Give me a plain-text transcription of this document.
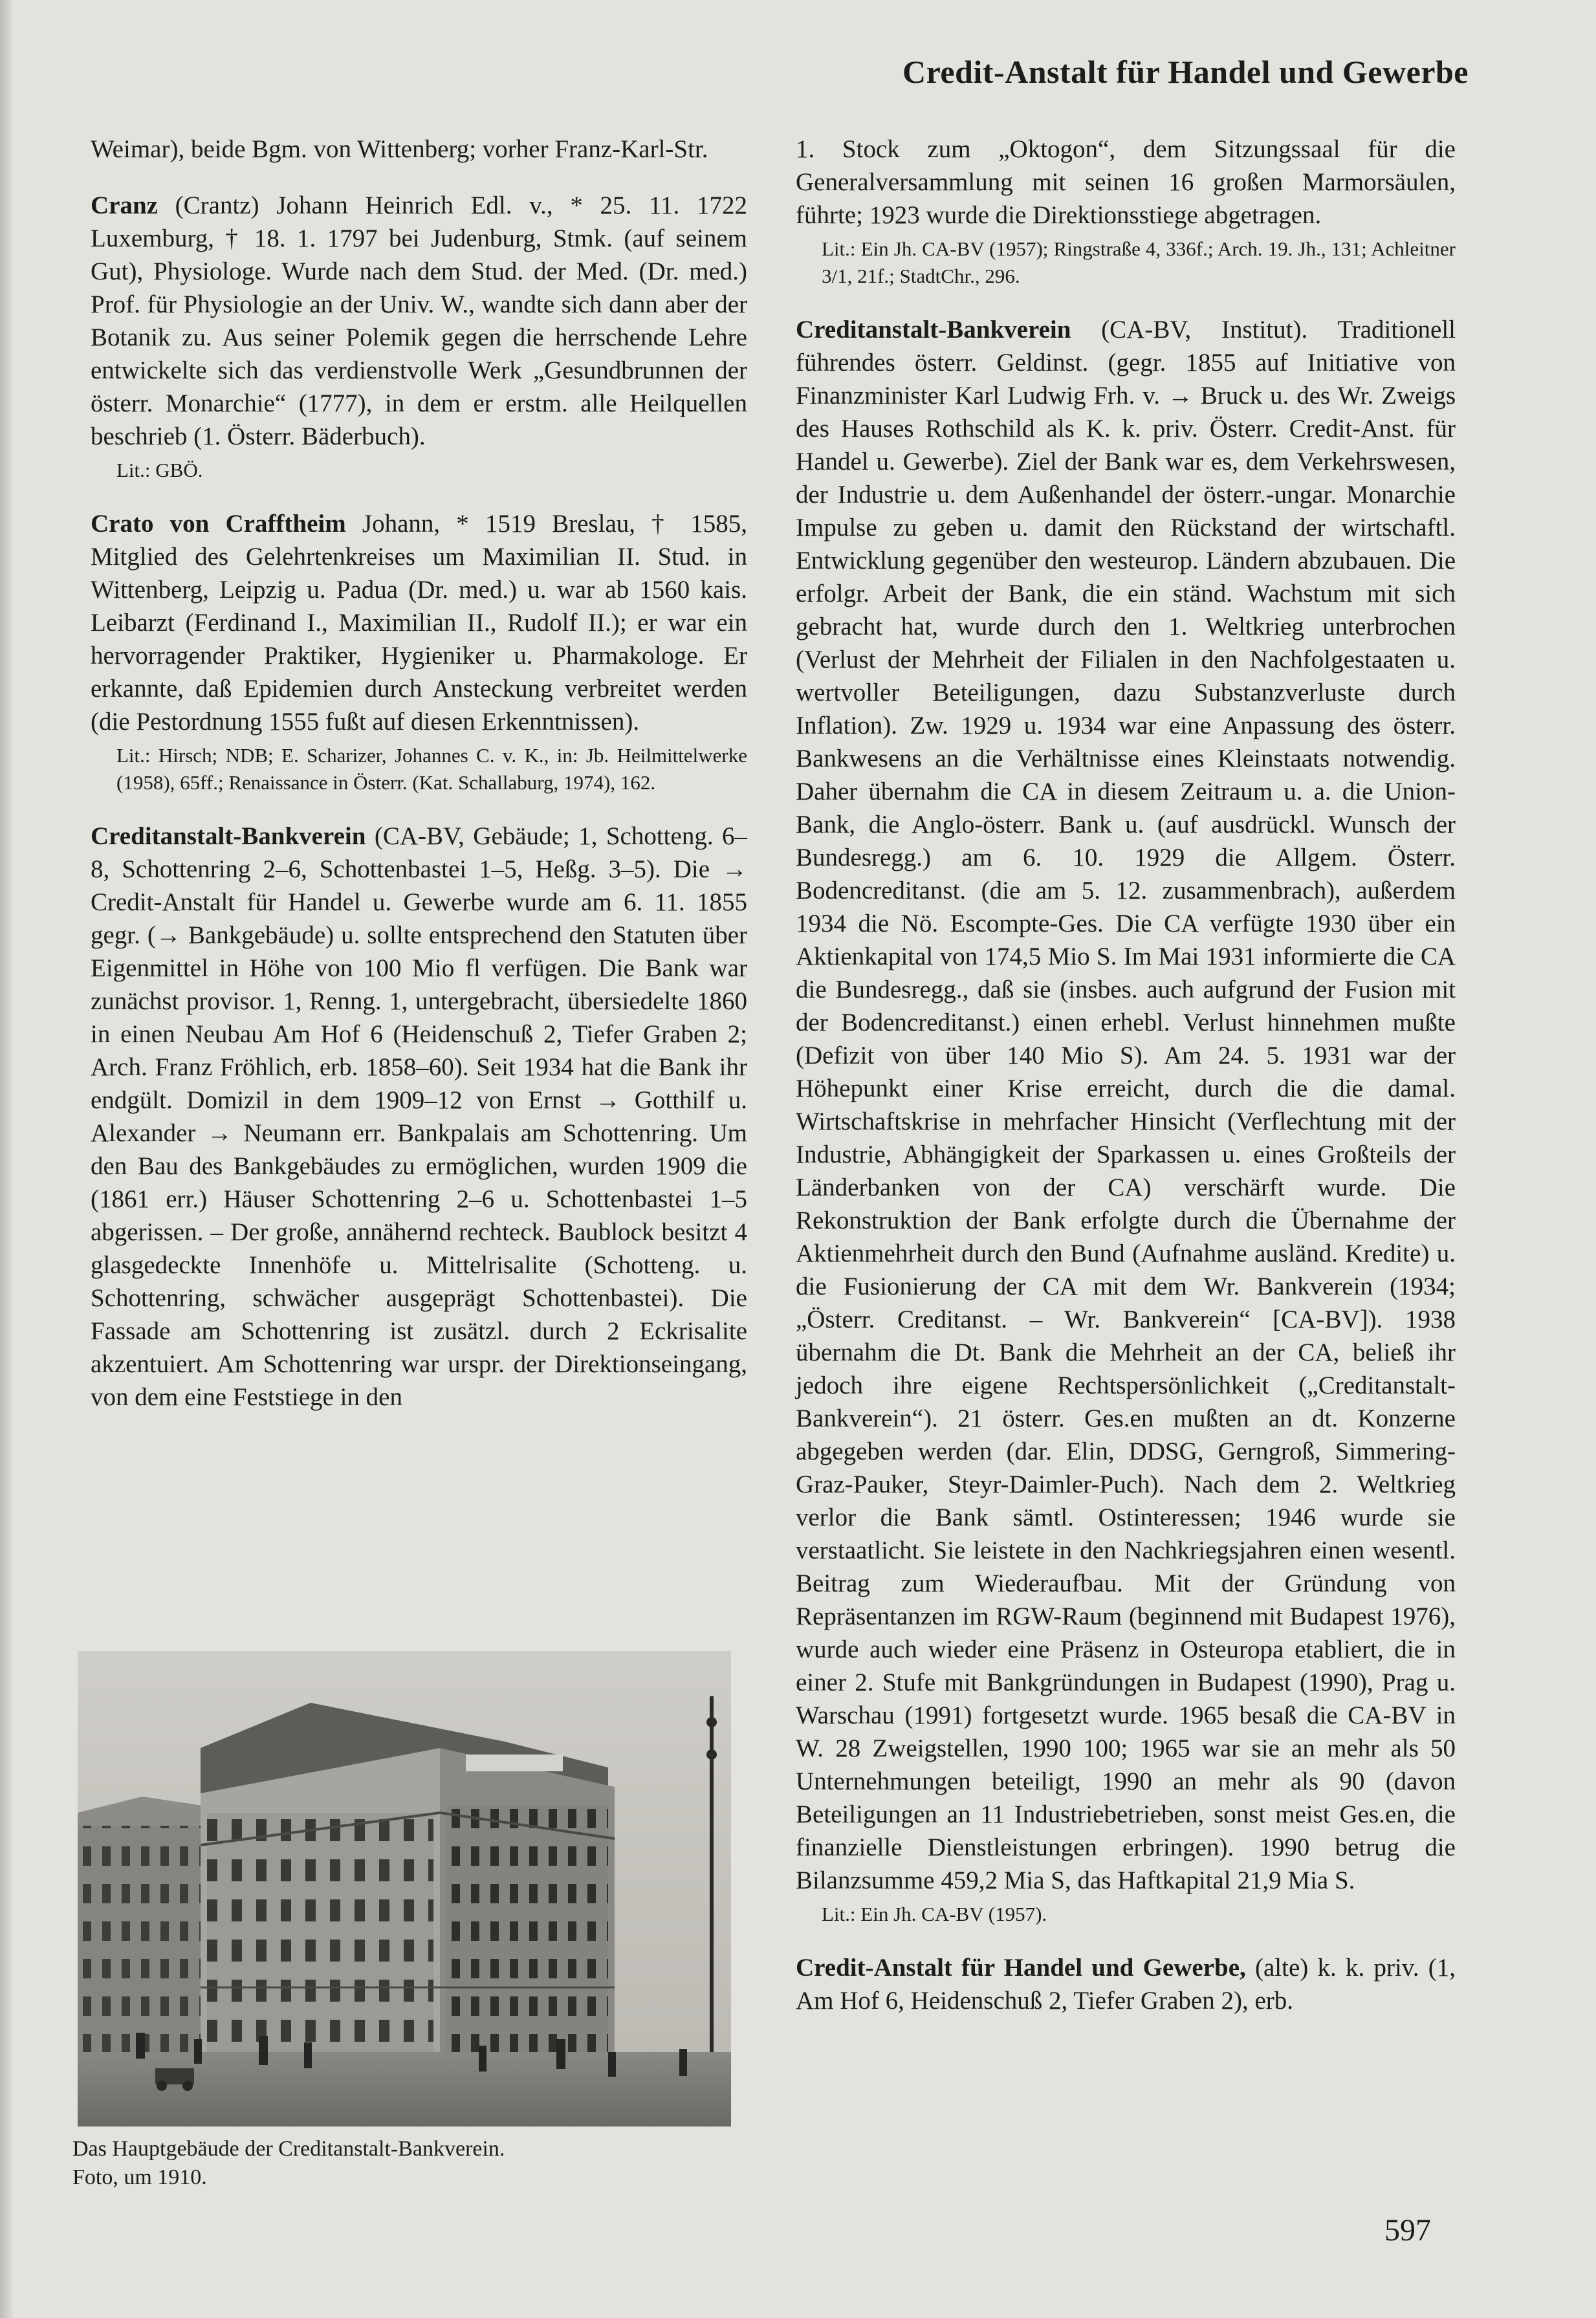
Credit-Anstalt für Handel und Gewerbe

Weimar), beide Bgm. von Wittenberg; vorher Franz-Karl-Str.

Cranz (Crantz) Johann Heinrich Edl. v., * 25. 11. 1722 Luxemburg, † 18. 1. 1797 bei Judenburg, Stmk. (auf seinem Gut), Physiologe. Wurde nach dem Stud. der Med. (Dr. med.) Prof. für Physiologie an der Univ. W., wandte sich dann aber der Botanik zu. Aus seiner Polemik gegen die herrschende Lehre entwickelte sich das verdienstvolle Werk „Gesundbrunnen der österr. Monarchie“ (1777), in dem er erstm. alle Heilquellen beschrieb (1. Österr. Bäderbuch).

Lit.: GBÖ.

Crato von Crafftheim Johann, * 1519 Breslau, † 1585, Mitglied des Gelehrtenkreises um Maximilian II. Stud. in Wittenberg, Leipzig u. Padua (Dr. med.) u. war ab 1560 kais. Leibarzt (Ferdinand I., Maximilian II., Rudolf II.); er war ein hervorragender Praktiker, Hygieniker u. Pharmakologe. Er erkannte, daß Epidemien durch Ansteckung verbreitet werden (die Pestordnung 1555 fußt auf diesen Erkenntnissen).

Lit.: Hirsch; NDB; E. Scharizer, Johannes C. v. K., in: Jb. Heilmittelwerke (1958), 65ff.; Renaissance in Österr. (Kat. Schallaburg, 1974), 162.

Creditanstalt-Bankverein (CA-BV, Gebäude; 1, Schotteng. 6–8, Schottenring 2–6, Schottenbastei 1–5, Heßg. 3–5). Die → Credit-Anstalt für Handel u. Gewerbe wurde am 6. 11. 1855 gegr. (→ Bankgebäude) u. sollte entsprechend den Statuten über Eigenmittel in Höhe von 100 Mio fl verfügen. Die Bank war zunächst provisor. 1, Renng. 1, untergebracht, übersiedelte 1860 in einen Neubau Am Hof 6 (Heidenschuß 2, Tiefer Graben 2; Arch. Franz Fröhlich, erb. 1858–60). Seit 1934 hat die Bank ihr endgült. Domizil in dem 1909–12 von Ernst → Gotthilf u. Alexander → Neumann err. Bankpalais am Schottenring. Um den Bau des Bankgebäudes zu ermöglichen, wurden 1909 die (1861 err.) Häuser Schottenring 2–6 u. Schottenbastei 1–5 abgerissen. – Der große, annähernd rechteck. Baublock besitzt 4 glasgedeckte Innenhöfe u. Mittelrisalite (Schotteng. u. Schottenring, schwächer ausgeprägt Schottenbastei). Die Fassade am Schottenring ist zusätzl. durch 2 Eckrisalite akzentuiert. Am Schottenring war urspr. der Direktionseingang, von dem eine Feststiege in den

Das Hauptgebäude der Creditanstalt-Bankverein.
Foto, um 1910.

1. Stock zum „Oktogon“, dem Sitzungssaal für die Generalversammlung mit seinen 16 großen Marmorsäulen, führte; 1923 wurde die Direktionsstiege abgetragen.

Lit.: Ein Jh. CA-BV (1957); Ringstraße 4, 336f.; Arch. 19. Jh., 131; Achleitner 3/1, 21f.; StadtChr., 296.

Creditanstalt-Bankverein (CA-BV, Institut). Traditionell führendes österr. Geldinst. (gegr. 1855 auf Initiative von Finanzminister Karl Ludwig Frh. v. → Bruck u. des Wr. Zweigs des Hauses Rothschild als K. k. priv. Österr. Credit-Anst. für Handel u. Gewerbe). Ziel der Bank war es, dem Verkehrswesen, der Industrie u. dem Außenhandel der österr.-ungar. Monarchie Impulse zu geben u. damit den Rückstand der wirtschaftl. Entwicklung gegenüber den westeurop. Ländern abzubauen. Die erfolgr. Arbeit der Bank, die ein ständ. Wachstum mit sich gebracht hat, wurde durch den 1. Weltkrieg unterbrochen (Verlust der Mehrheit der Filialen in den Nachfolgestaaten u. wertvoller Beteiligungen, dazu Substanzverluste durch Inflation). Zw. 1929 u. 1934 war eine Anpassung des österr. Bankwesens an die Verhältnisse eines Kleinstaats notwendig. Daher übernahm die CA in diesem Zeitraum u. a. die Union-Bank, die Anglo-österr. Bank u. (auf ausdrückl. Wunsch der Bundesregg.) am 6. 10. 1929 die Allgem. Österr. Bodencreditanst. (die am 5. 12. zusammenbrach), außerdem 1934 die Nö. Escompte-Ges. Die CA verfügte 1930 über ein Aktienkapital von 174,5 Mio S. Im Mai 1931 informierte die CA die Bundesregg., daß sie (insbes. auch aufgrund der Fusion mit der Bodencreditanst.) einen erhebl. Verlust hinnehmen mußte (Defizit von über 140 Mio S). Am 24. 5. 1931 war der Höhepunkt einer Krise erreicht, durch die die damal. Wirtschaftskrise in mehrfacher Hinsicht (Verflechtung mit der Industrie, Abhängigkeit der Sparkassen u. eines Großteils der Länderbanken von der CA) verschärft wurde. Die Rekonstruktion der Bank erfolgte durch die Übernahme der Aktienmehrheit durch den Bund (Aufnahme ausländ. Kredite) u. die Fusionierung der CA mit dem Wr. Bankverein (1934; „Österr. Creditanst. – Wr. Bankverein“ [CA-BV]). 1938 übernahm die Dt. Bank die Mehrheit an der CA, beließ ihr jedoch ihre eigene Rechtspersönlichkeit („Creditanstalt-Bankverein“). 21 österr. Ges.en mußten an dt. Konzerne abgegeben werden (dar. Elin, DDSG, Gerngroß, Simmering-Graz-Pauker, Steyr-Daimler-Puch). Nach dem 2. Weltkrieg verlor die Bank sämtl. Ostinteressen; 1946 wurde sie verstaatlicht. Sie leistete in den Nachkriegsjahren einen wesentl. Beitrag zum Wiederaufbau. Mit der Gründung von Repräsentanzen im RGW-Raum (beginnend mit Budapest 1976), wurde auch wieder eine Präsenz in Osteuropa etabliert, die in einer 2. Stufe mit Bankgründungen in Budapest (1990), Prag u. Warschau (1991) fortgesetzt wurde. 1965 besaß die CA-BV in W. 28 Zweigstellen, 1990 100; 1965 war sie an mehr als 50 Unternehmungen beteiligt, 1990 an mehr als 90 (davon Beteiligungen an 11 Industriebetrieben, sonst meist Ges.en, die finanzielle Dienstleistungen erbringen). 1990 betrug die Bilanzsumme 459,2 Mia S, das Haftkapital 21,9 Mia S.

Lit.: Ein Jh. CA-BV (1957).

Credit-Anstalt für Handel und Gewerbe, (alte) k. k. priv. (1, Am Hof 6, Heidenschuß 2, Tiefer Graben 2), erb.

597
